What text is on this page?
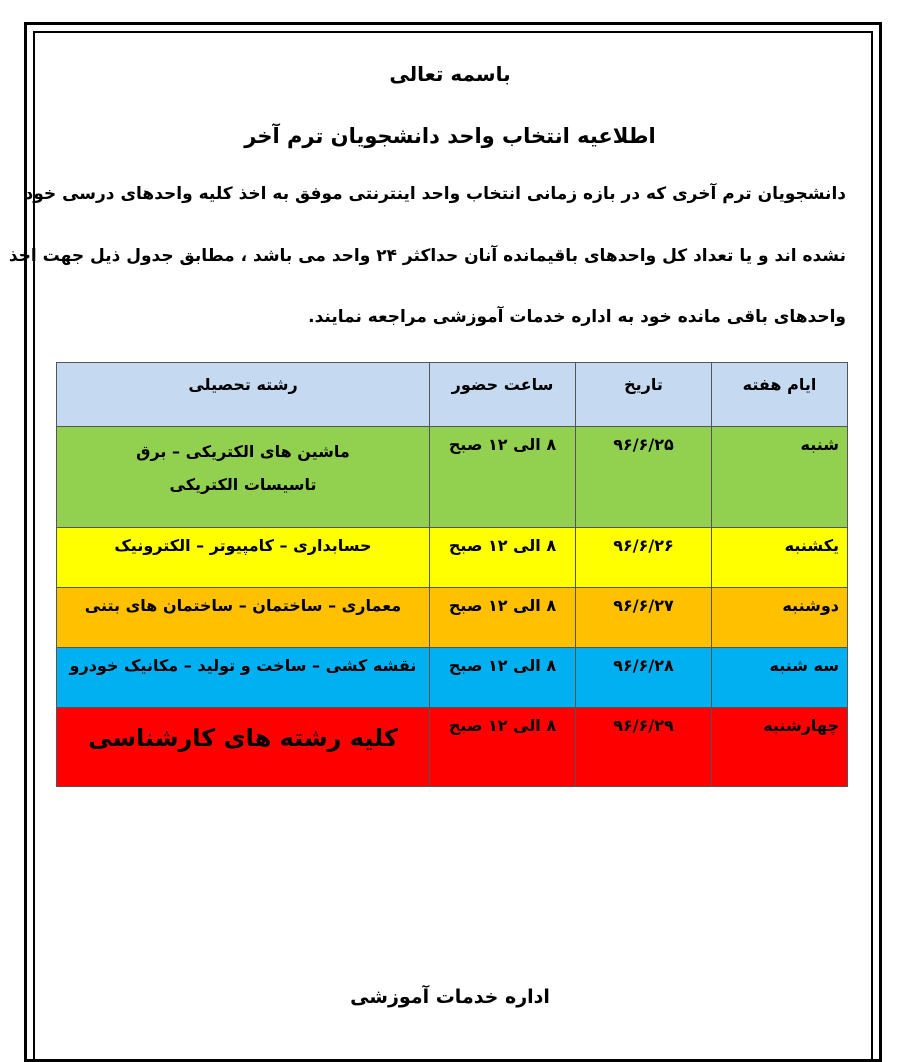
باسمه تعالی
اطلاعیه انتخاب واحد دانشجویان ترم آخر
دانشجویان ترم آخری که در بازه زمانی انتخاب واحد اینترنتی موفق به اخذ کلیه واحدهای درسی خود
نشده اند و یا تعداد کل واحدهای باقیمانده آنان حداکثر ۲۴ واحد می باشد ، مطابق جدول ذیل جهت اخذ
واحدهای باقی مانده خود به اداره خدمات آموزشی مراجعه نمایند.
ایام هفته	تاریخ	ساعت حضور	رشته تحصیلی
شنبه	۹۶/۶/۲۵	۸ الی ۱۲ صبح	ماشین های الکتریکی – برق
تاسیسات الکتریکی

یکشنبه	۹۶/۶/۲۶	۸ الی ۱۲ صبح	حسابداری – کامپیوتر – الکترونیک
دوشنبه	۹۶/۶/۲۷	۸ الی ۱۲ صبح	معماری – ساختمان – ساختمان های بتنی
سه شنبه	۹۶/۶/۲۸	۸ الی ۱۲ صبح	نقشه کشی – ساخت و تولید – مکانیک خودرو
چهارشنبه	۹۶/۶/۲۹	۸ الی ۱۲ صبح	کلیه رشته های کارشناسی
اداره خدمات آموزشی
